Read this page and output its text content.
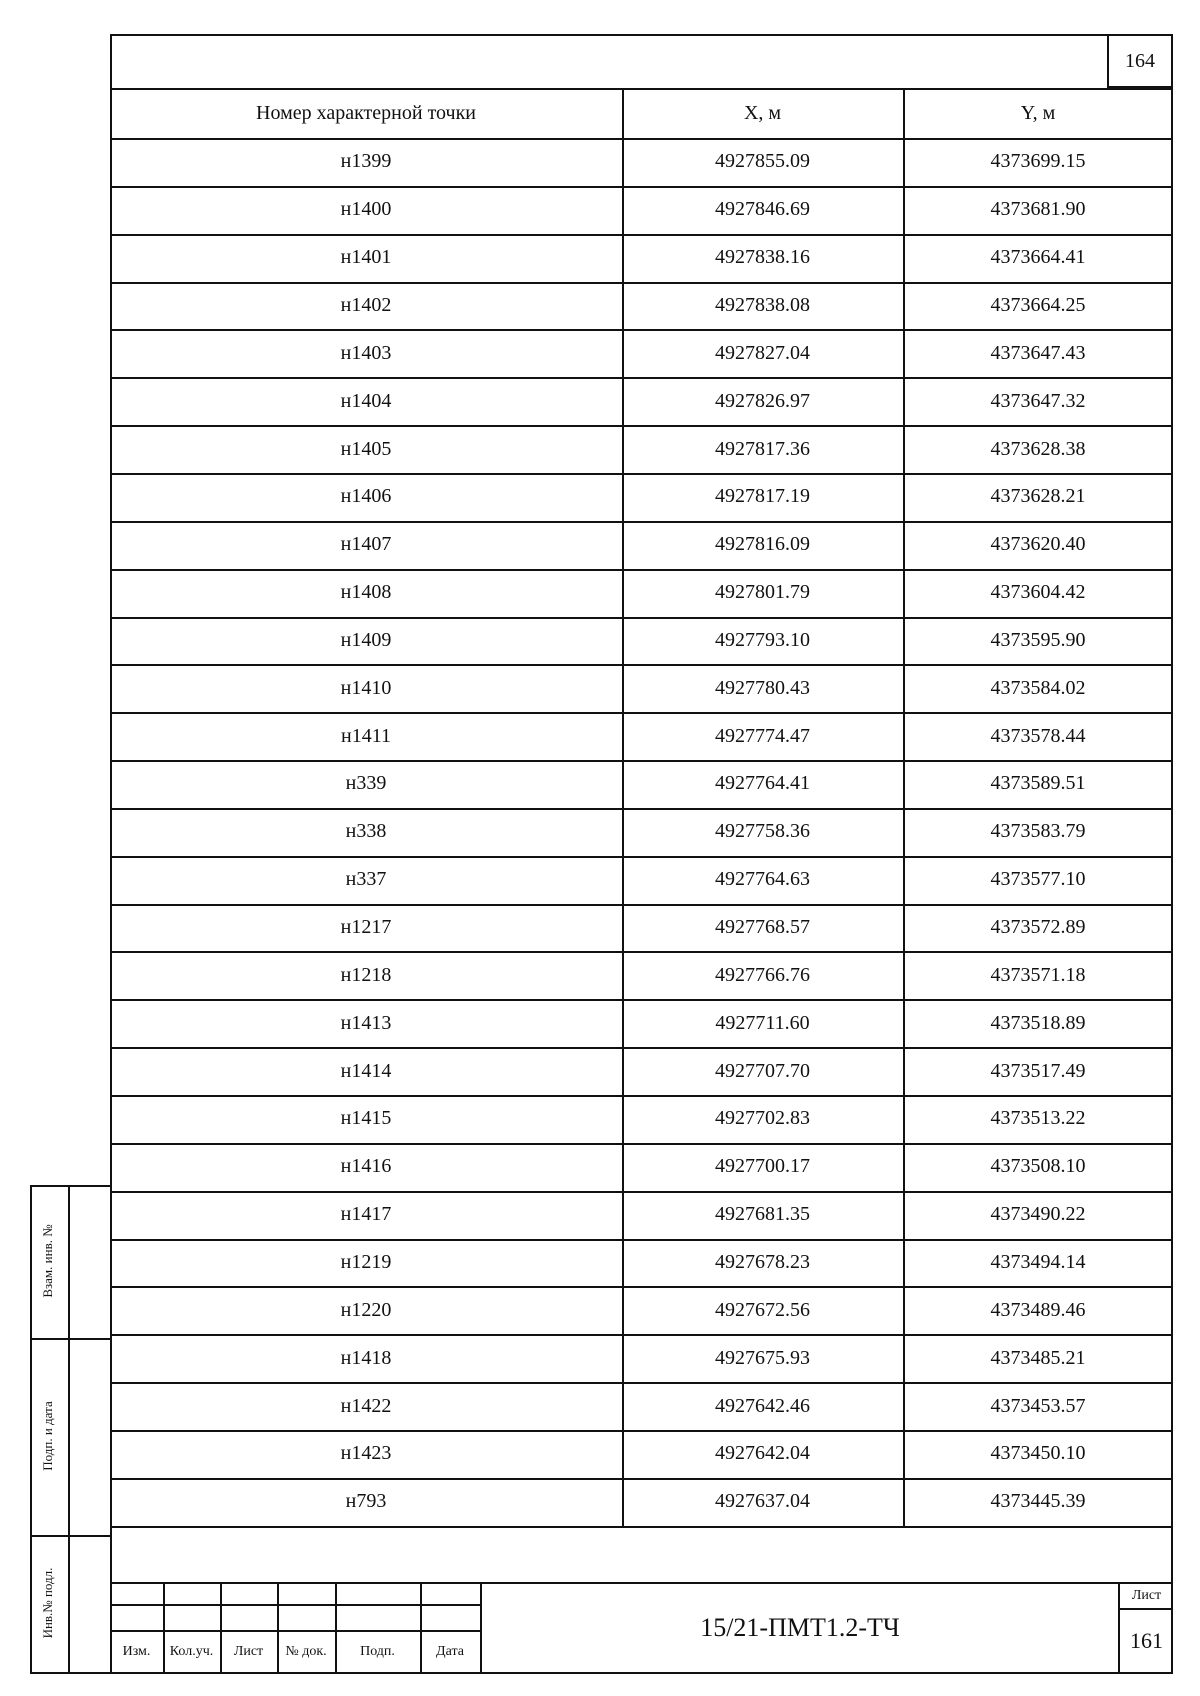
164
Номер характерной точки	X, м	Y, м
н1399	4927855.09	4373699.15
н1400	4927846.69	4373681.90
н1401	4927838.16	4373664.41
н1402	4927838.08	4373664.25
н1403	4927827.04	4373647.43
н1404	4927826.97	4373647.32
н1405	4927817.36	4373628.38
н1406	4927817.19	4373628.21
н1407	4927816.09	4373620.40
н1408	4927801.79	4373604.42
н1409	4927793.10	4373595.90
н1410	4927780.43	4373584.02
н1411	4927774.47	4373578.44
н339	4927764.41	4373589.51
н338	4927758.36	4373583.79
н337	4927764.63	4373577.10
н1217	4927768.57	4373572.89
н1218	4927766.76	4373571.18
н1413	4927711.60	4373518.89
н1414	4927707.70	4373517.49
н1415	4927702.83	4373513.22
н1416	4927700.17	4373508.10
н1417	4927681.35	4373490.22
н1219	4927678.23	4373494.14
н1220	4927672.56	4373489.46
н1418	4927675.93	4373485.21
н1422	4927642.46	4373453.57
н1423	4927642.04	4373450.10
н793	4927637.04	4373445.39
Взам. инв. №
Подп. и дата
Инв.№ подл.
Изм.	Кол.уч.	Лист	№ док.	Подп.	Дата
15/21-ПМТ1.2-ТЧ
Лист
161
